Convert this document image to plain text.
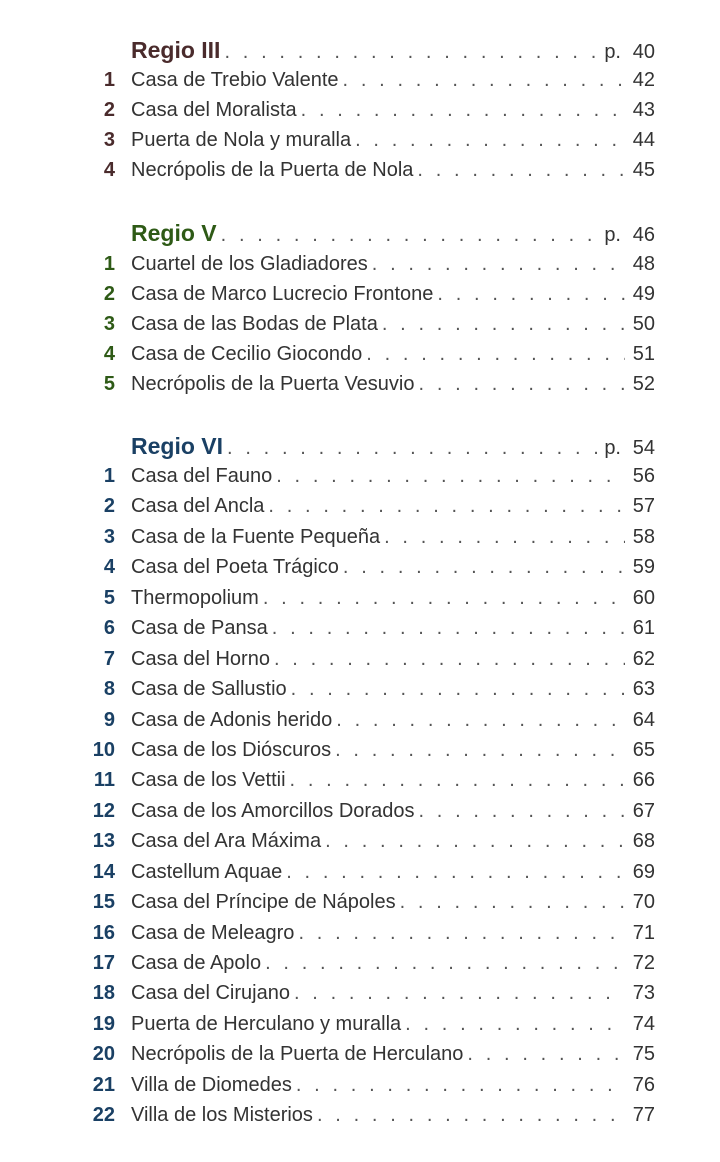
Regio III . . .	p. 40
1 Casa de Trebio Valente . . .	42
2 Casa del Moralista . . .	43
3 Puerta de Nola y muralla . . .	44
4 Necrópolis de la Puerta de Nola . . .	45
Regio V . . .	p. 46
1 Cuartel de los Gladiadores . . .	48
2 Casa de Marco Lucrecio Frontone . . .	49
3 Casa de las Bodas de Plata . . .	50
4 Casa de Cecilio Giocondo . . .	51
5 Necrópolis de la Puerta Vesuvio . . .	52
Regio VI . . .	p. 54
1 Casa del Fauno . . .	56
2 Casa del Ancla . . .	57
3 Casa de la Fuente Pequeña . . .	58
4 Casa del Poeta Trágico . . .	59
5 Thermopolium . . .	60
6 Casa de Pansa . . .	61
7 Casa del Horno . . .	62
8 Casa de Sallustio . . .	63
9 Casa de Adonis herido . . .	64
10 Casa de los Dióscuros . . .	65
11 Casa de los Vettii . . .	66
12 Casa de los Amorcillos Dorados . . .	67
13 Casa del Ara Máxima . . .	68
14 Castellum Aquae . . .	69
15 Casa del Príncipe de Nápoles . . .	70
16 Casa de Meleagro . . .	71
17 Casa de Apolo . . .	72
18 Casa del Cirujano . . .	73
19 Puerta de Herculano y muralla . . .	74
20 Necrópolis de la Puerta de Herculano . . .	75
21 Villa de Diomedes . . .	76
22 Villa de los Misterios . . .	77
